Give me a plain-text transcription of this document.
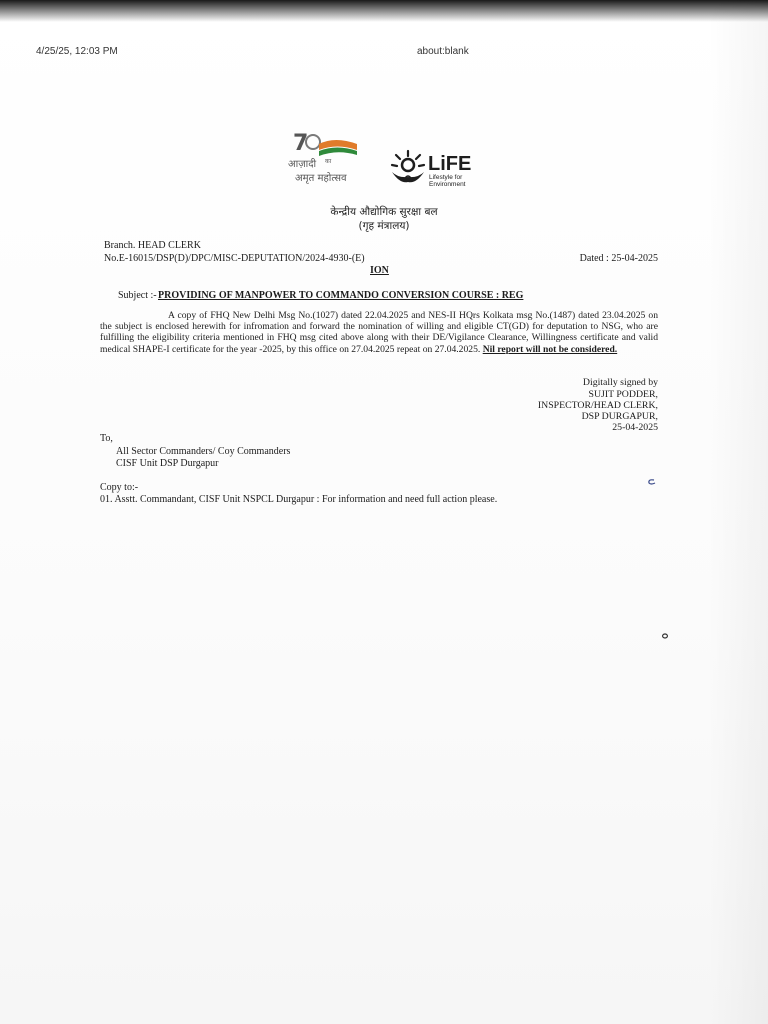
4/25/25, 12:03 PM	about:blank
7
आज़ादी का
अमृत महोत्सव
LiFE
Lifestyle for
Environment
केन्द्रीय औद्योगिक सुरक्षा बल
(गृह मंत्रालय)
Branch. HEAD CLERK
No.E-16015/DSP(D)/DPC/MISC-DEPUTATION/2024-4930-(E)	Dated : 25-04-2025
ION
Subject :- PROVIDING OF MANPOWER TO COMMANDO CONVERSION COURSE : REG
A copy of FHQ New Delhi Msg No.(1027) dated 22.04.2025 and NES-II HQrs Kolkata msg No.(1487) dated 23.04.2025 on the subject is enclosed herewith for infromation and forward the nomination of willing and eligible CT(GD) for deputation to NSG, who are fulfilling the eligibility criteria mentioned in FHQ msg cited above along with their DE/Vigilance Clearance, Willingness certificate and valid medical SHAPE-I certificate for the year -2025, by this office on 27.04.2025 repeat on 27.04.2025. Nil report will not be considered.
Digitally signed by
SUJIT PODDER,
INSPECTOR/HEAD CLERK,
DSP DURGAPUR,
25-04-2025
To,
All Sector Commanders/ Coy Commanders
CISF Unit DSP Durgapur
Copy to:-
01. Asstt. Commandant, CISF Unit NSPCL Durgapur : For information and need full action please.
